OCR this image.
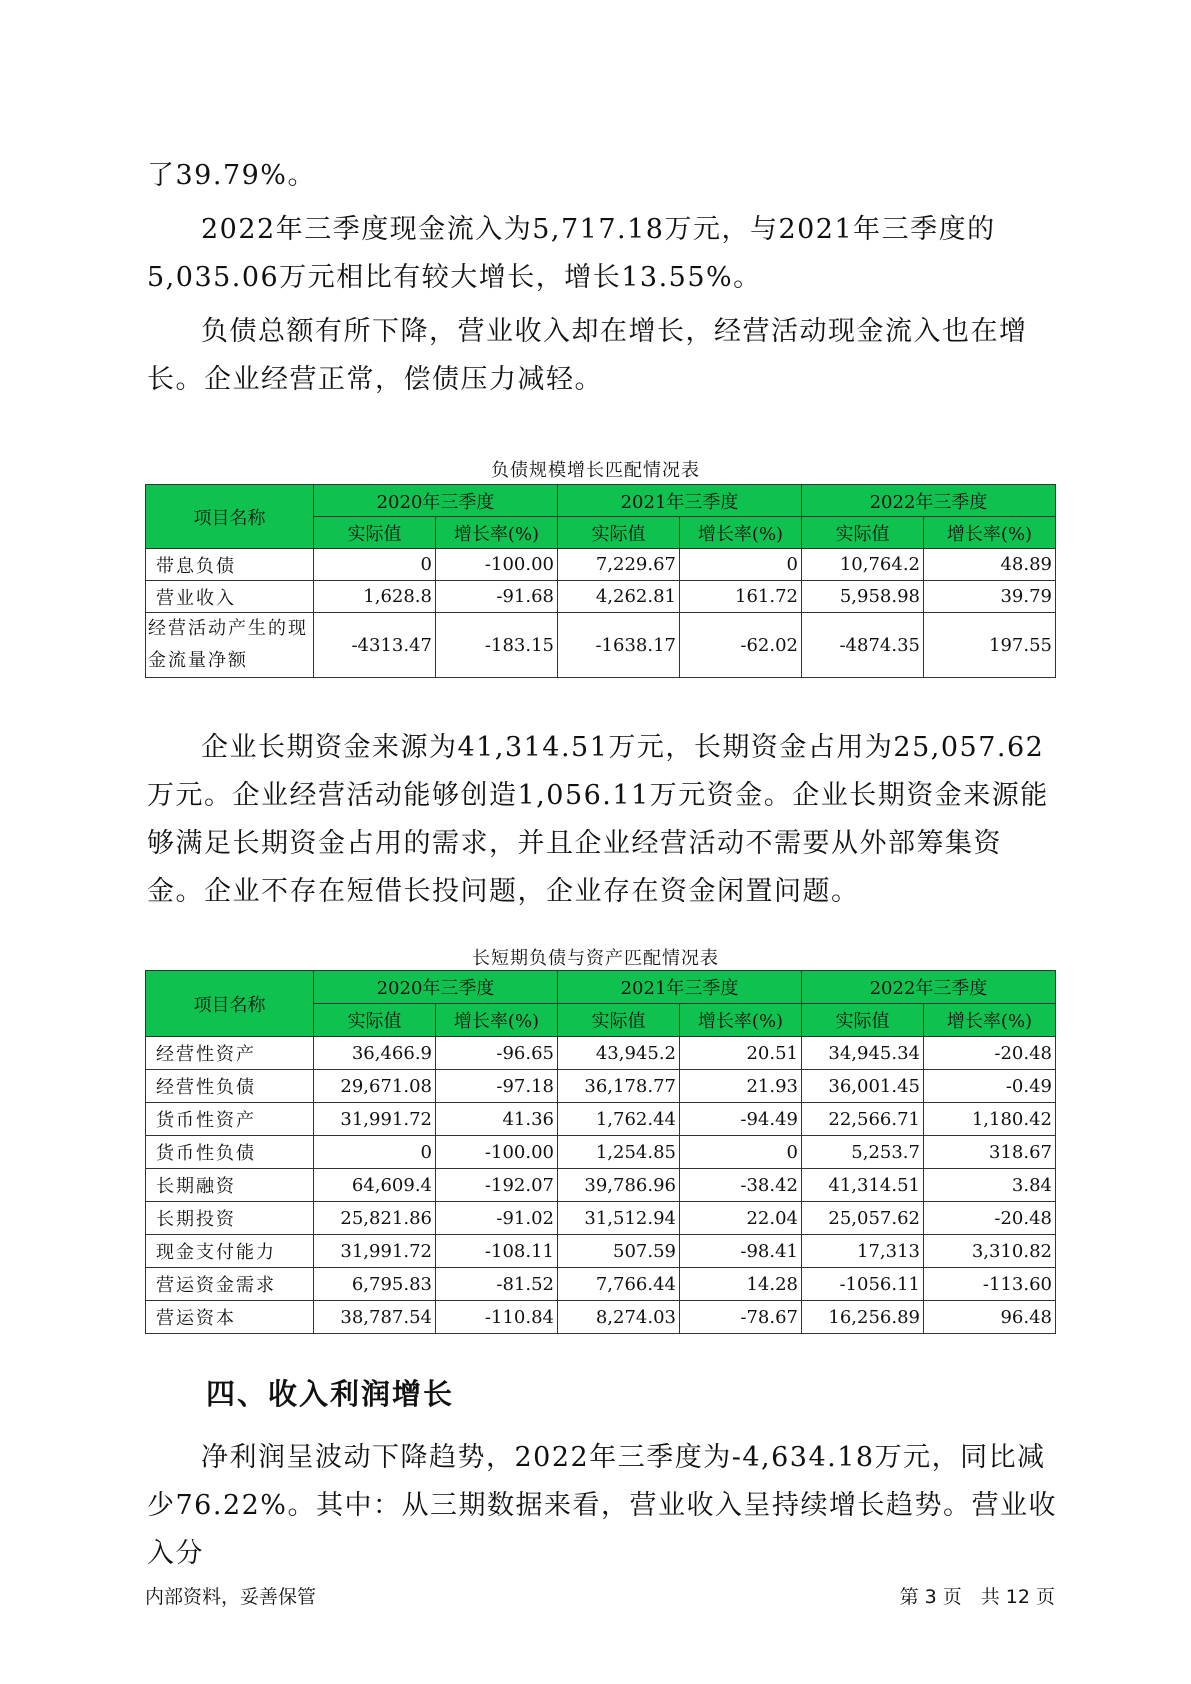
了39.79%。

2022年三季度现金流入为5,717.18万元，与2021年三季度的5,035.06万元相比有较大增长，增长13.55%。

负债总额有所下降，营业收入却在增长，经营活动现金流入也在增长。企业经营正常，偿债压力减轻。

负债规模增长匹配情况表
项目名称	2020年三季度		2021年三季度		2022年三季度	
	实际值	增长率(%)	实际值	增长率(%)	实际值	增长率(%)
带息负债	0	-100.00	7,229.67	0	10,764.2	48.89
营业收入	1,628.8	-91.68	4,262.81	161.72	5,958.98	39.79
经营活动产生的现金流量净额	-4313.47	-183.15	-1638.17	-62.02	-4874.35	197.55

企业长期资金来源为41,314.51万元，长期资金占用为25,057.62万元。企业经营活动能够创造1,056.11万元资金。企业长期资金来源能够满足长期资金占用的需求，并且企业经营活动不需要从外部筹集资金。企业不存在短借长投问题，企业存在资金闲置问题。

长短期负债与资产匹配情况表
项目名称	2020年三季度		2021年三季度		2022年三季度	
	实际值	增长率(%)	实际值	增长率(%)	实际值	增长率(%)
经营性资产	36,466.9	-96.65	43,945.2	20.51	34,945.34	-20.48
经营性负债	29,671.08	-97.18	36,178.77	21.93	36,001.45	-0.49
货币性资产	31,991.72	41.36	1,762.44	-94.49	22,566.71	1,180.42
货币性负债	0	-100.00	1,254.85	0	5,253.7	318.67
长期融资	64,609.4	-192.07	39,786.96	-38.42	41,314.51	3.84
长期投资	25,821.86	-91.02	31,512.94	22.04	25,057.62	-20.48
现金支付能力	31,991.72	-108.11	507.59	-98.41	17,313	3,310.82
营运资金需求	6,795.83	-81.52	7,766.44	14.28	-1056.11	-113.60
营运资本	38,787.54	-110.84	8,274.03	-78.67	16,256.89	96.48
四、收入利润增长

净利润呈波动下降趋势，2022年三季度为-4,634.18万元，同比减少76.22%。其中：从三期数据来看，营业收入呈持续增长趋势。营业收入分

内部资料，妥善保管	第 3 页　共 12 页
